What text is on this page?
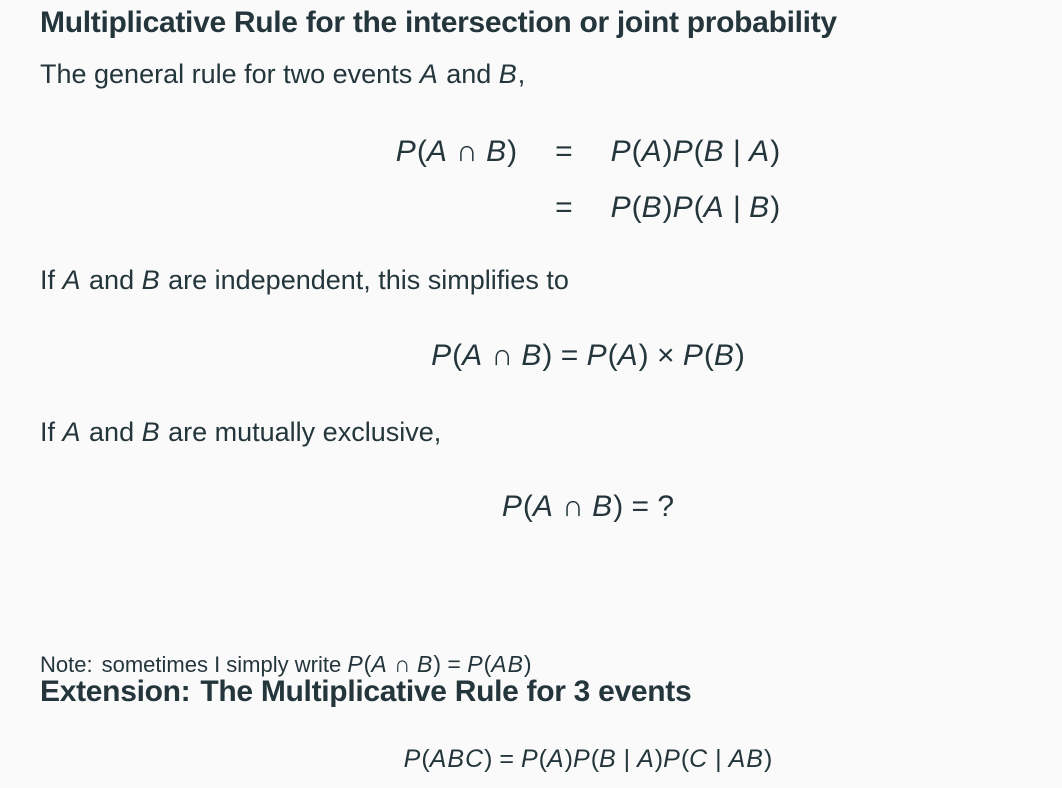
Multiplicative Rule for the intersection or joint probability

The general rule for two events A and B,

P(A ∩ B) = P(A)P(B | A)
= P(B)P(A | B)

If A and B are independent, this simplifies to

P(A ∩ B) = P(A) × P(B)

If A and B are mutually exclusive,

P(A ∩ B) = ?

Note: sometimes I simply write P(A ∩ B) = P(AB)

Extension: The Multiplicative Rule for 3 events
P(ABC) = P(A)P(B | A)P(C | AB)
